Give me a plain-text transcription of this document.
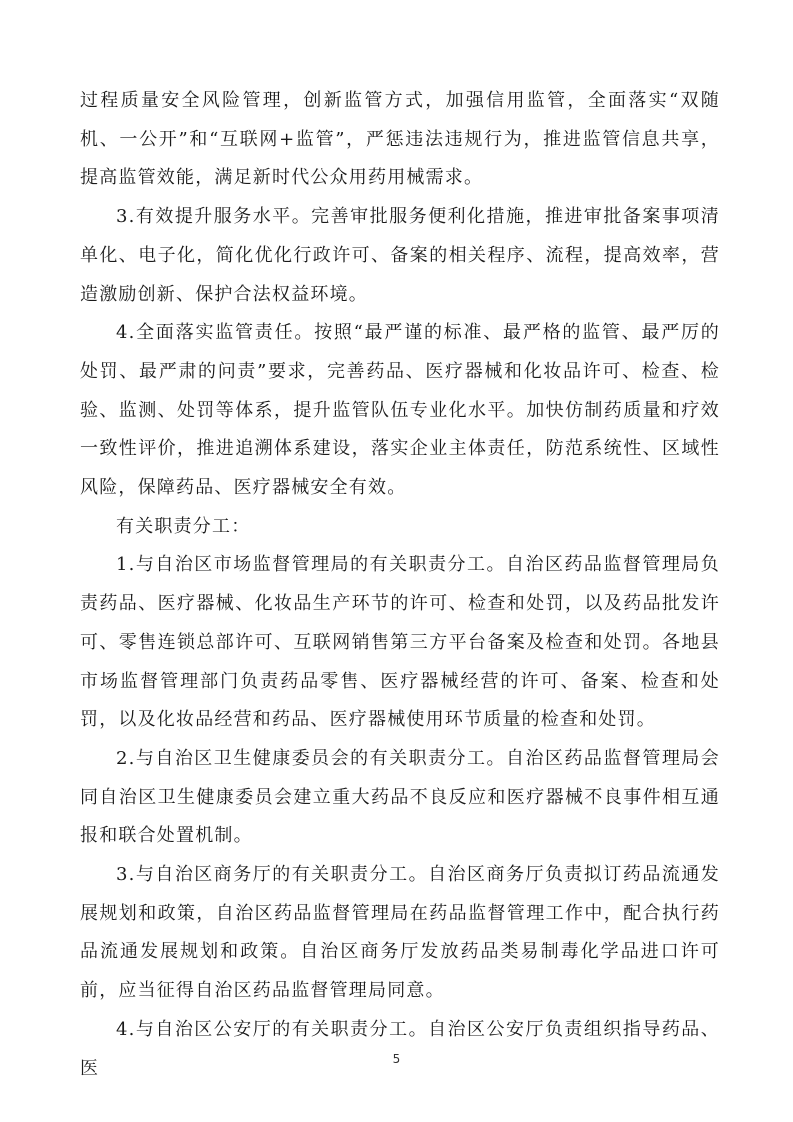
过程质量安全风险管理，创新监管方式，加强信用监管，全面落实“双随机、一公开”和“互联网+监管”，严惩违法违规行为，推进监管信息共享，提高监管效能，满足新时代公众用药用械需求。

3.有效提升服务水平。完善审批服务便利化措施，推进审批备案事项清单化、电子化，简化优化行政许可、备案的相关程序、流程，提高效率，营造激励创新、保护合法权益环境。

4.全面落实监管责任。按照“最严谨的标准、最严格的监管、最严厉的处罚、最严肃的问责”要求，完善药品、医疗器械和化妆品许可、检查、检验、监测、处罚等体系，提升监管队伍专业化水平。加快仿制药质量和疗效一致性评价，推进追溯体系建设，落实企业主体责任，防范系统性、区域性风险，保障药品、医疗器械安全有效。

有关职责分工：

1.与自治区市场监督管理局的有关职责分工。自治区药品监督管理局负责药品、医疗器械、化妆品生产环节的许可、检查和处罚，以及药品批发许可、零售连锁总部许可、互联网销售第三方平台备案及检查和处罚。各地县市场监督管理部门负责药品零售、医疗器械经营的许可、备案、检查和处罚，以及化妆品经营和药品、医疗器械使用环节质量的检查和处罚。

2.与自治区卫生健康委员会的有关职责分工。自治区药品监督管理局会同自治区卫生健康委员会建立重大药品不良反应和医疗器械不良事件相互通报和联合处置机制。

3.与自治区商务厅的有关职责分工。自治区商务厅负责拟订药品流通发展规划和政策，自治区药品监督管理局在药品监督管理工作中，配合执行药品流通发展规划和政策。自治区商务厅发放药品类易制毒化学品进口许可前，应当征得自治区药品监督管理局同意。

4.与自治区公安厅的有关职责分工。自治区公安厅负责组织指导药品、医	5
